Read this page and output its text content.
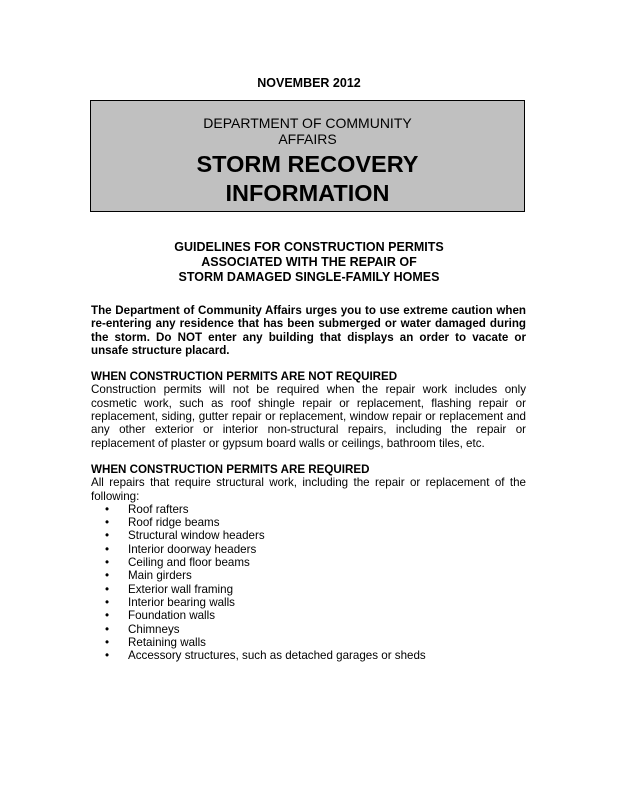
NOVEMBER 2012
DEPARTMENT OF COMMUNITY
AFFAIRS
STORM RECOVERY
INFORMATION
GUIDELINES FOR CONSTRUCTION PERMITS
ASSOCIATED WITH THE REPAIR OF
STORM DAMAGED SINGLE-FAMILY HOMES

The Department of Community Affairs urges you to use extreme caution when re-entering any residence that has been submerged or water damaged during the storm. Do NOT enter any building that displays an order to vacate or unsafe structure placard.

WHEN CONSTRUCTION PERMITS ARE NOT REQUIRED

Construction permits will not be required when the repair work includes only cosmetic work, such as roof shingle repair or replacement, flashing repair or replacement, siding, gutter repair or replacement, window repair or replacement and any other exterior or interior non-structural repairs, including the repair or replacement of plaster or gypsum board walls or ceilings, bathroom tiles, etc.

WHEN CONSTRUCTION PERMITS ARE REQUIRED

All repairs that require structural work, including the repair or replacement of the following:

• Roof rafters
• Roof ridge beams
• Structural window headers
• Interior doorway headers
• Ceiling and floor beams
• Main girders
• Exterior wall framing
• Interior bearing walls
• Foundation walls
• Chimneys
• Retaining walls
• Accessory structures, such as detached garages or sheds
